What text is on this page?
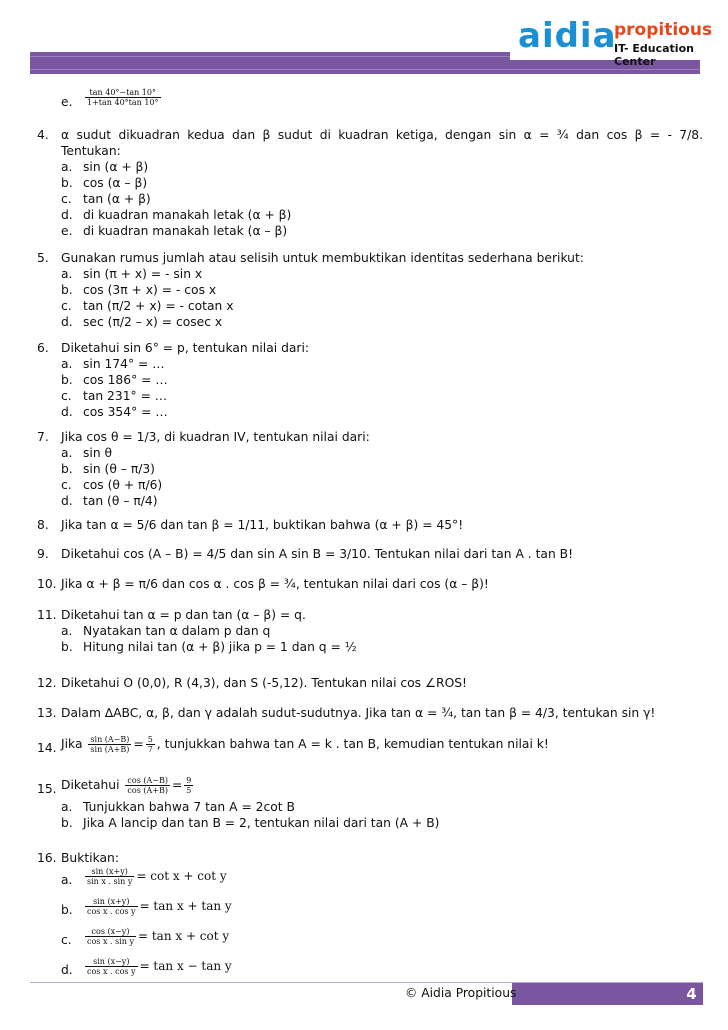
aidia
propitious
IT- Education Center
e. $\frac{\tan 40^\circ-\tan 10^\circ}{1+\tan 40^\circ\tan 10^\circ}$
4. α sudut dikuadran kedua dan β sudut di kuadran ketiga, dengan sin α = ¾ dan cos β = - 7/8.
Tentukan:
a. sin (α + β)
b. cos (α – β)
c. tan (α + β)
d. di kuadran manakah letak (α + β)
e. di kuadran manakah letak (α – β)
5. Gunakan rumus jumlah atau selisih untuk membuktikan identitas sederhana berikut:
a. sin (π + x) = - sin x
b. cos (3π + x) = - cos x
c. tan (π/2 + x) = - cotan x
d. sec (π/2 – x) = cosec x
6. Diketahui sin 6° = p, tentukan nilai dari:
a. sin 174° = …
b. cos 186° = …
c. tan 231° = …
d. cos 354° = …
7. Jika cos θ = 1/3, di kuadran IV, tentukan nilai dari:
a. sin θ
b. sin (θ – π/3)
c. cos (θ + π/6)
d. tan (θ – π/4)
8. Jika tan α = 5/6 dan tan β = 1/11, buktikan bahwa (α + β) = 45°!
9. Diketahui cos (A – B) = 4/5 dan sin A sin B = 3/10. Tentukan nilai dari tan A . tan B!
10. Jika α + β = π/6 dan cos α . cos β = ¾, tentukan nilai dari cos (α – β)!
11. Diketahui tan α = p dan tan (α – β) = q.
a. Nyatakan tan α dalam p dan q
b. Hitung nilai tan (α + β) jika p = 1 dan q = ½
12. Diketahui O (0,0), R (4,3), dan S (-5,12). Tentukan nilai cos ∠ROS!
13. Dalam ∆ABC, α, β, dan γ adalah sudut-sudutnya. Jika tan α = ¾, tan tan β = 4/3, tentukan sin γ!
14. Jika $\frac{\sin (A-B)}{\sin (A+B)} = \frac{5}{7}$ , tunjukkan bahwa tan A = k . tan B, kemudian tentukan nilai k!
15. Diketahui $\frac{\cos (A-B)}{\cos (A+B)} = \frac{9}{5}$
a. Tunjukkan bahwa 7 tan A = 2cot B
b. Jika A lancip dan tan B = 2, tentukan nilai dari tan (A + B)
16. Buktikan:
a. $\frac{\sin (x+y)}{\text{sin x . sin y}} = \cot x + \cot y$
b. $\frac{\sin (x+y)}{\text{cos x . cos y}} = \tan x + \tan y$
c. $\frac{\cos (x-y)}{\text{cos x . sin y}} = \tan x + \cot y$
d. $\frac{\sin (x-y)}{\text{cos x . cos y}} = \tan x - \tan y$
© Aidia Propitious	4
